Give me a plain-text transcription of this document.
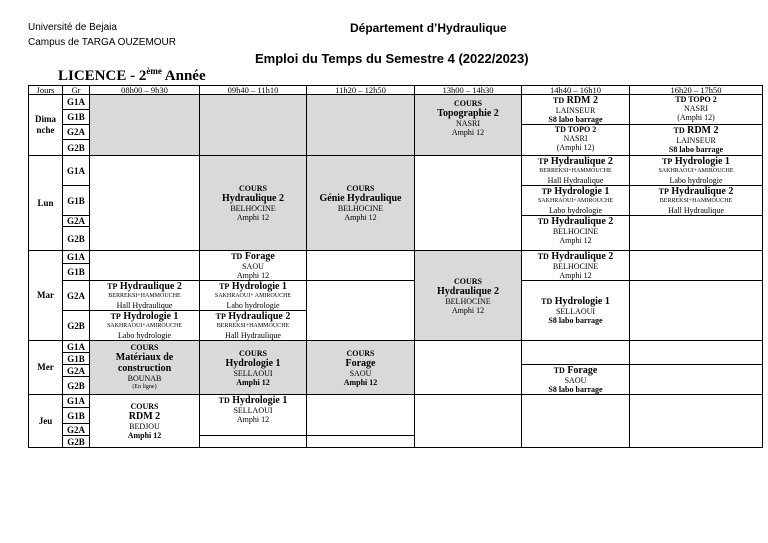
Université de Bejaia
Campus de TARGA OUZEMOUR
Département d’Hydraulique
Emploi du Temps du Semestre 4 (2022/2023)
LICENCE - 2ème Année
Jours	Gr	08h00 – 9h30	09h40 – 11h10	11h20 – 12h50	13h00 – 14h30	14h40 – 16h10	16h20 – 17h50
Dima nche	G1A				COURS
Topographie 2
NASRI
Amphi 12	TD RDM 2
LAINSEUR
S8 labo barrage	TD TOPO 2
NASRI
(Amphi 12)

	G1B						
	G2A					TD TOPO 2
NASRI
(Amphi 12)	TD RDM 2
LAINSEUR
S8 labo barrage

	G2B						
Lun	G1A		COURS
Hydraulique 2
BELHOCINE
Amphi 12	COURS
Génie Hydraulique
BELHOCINE
Amphi 12		TP Hydraulique 2
BERREKSI+HAMMOUCHE
Hall Hydraulique	TP Hydrologie 1
SAKHRAOUI+AMIROUCHE
Labo hydrologie

	G1B					TP Hydrologie 1
SAKHRAOUI+AMIROUCHE
Labo hydrologie	TP Hydraulique 2
BERREKSI+HAMMOUCHE
Hall Hydraulique

	G2A					TD Hydraulique 2
BELHOCINE
Amphi 12	

	G2B						
Mar	G1A		TD Forage
SAOU
Amphi 12		COURS
Hydraulique 2
BELHOCINE
Amphi 12	TD Hydraulique 2
BELHOCINE
Amphi 12	

	G1B						
	G2A	TP Hydraulique 2
BERREKSI+HAMMOUCHE
Hall Hydraulique	TP Hydrologie 1
SAKHRAOUI+ AMIROUCHE
Labo hydrologie			TD Hydrologie 1
SELLAOUI
S8 labo barrage	

	G2B	TP Hydrologie 1
SAKHRAOUI+AMIROUCHE
Labo hydrologie	TP Hydraulique 2
BERREKSI+HAMMOUCHE
Hall Hydraulique				

Mer	G1A	COURS
Matériaux de
construction
BOUNAB
(En ligne)	COURS
Hydrologie 1
SELLAOUI
Amphi 12	COURS
Forage
SAOU
Amphi 12			

	G1B						
	G2A					TD Forage
SAOU
S8 labo barrage	

	G2B						
Jeu	G1A	COURS
RDM 2
BEDJOU
Amphi 12	TD Hydrologie 1
SELLAOUI
Amphi 12				

	G1B						
	G2A						
	G2B						
